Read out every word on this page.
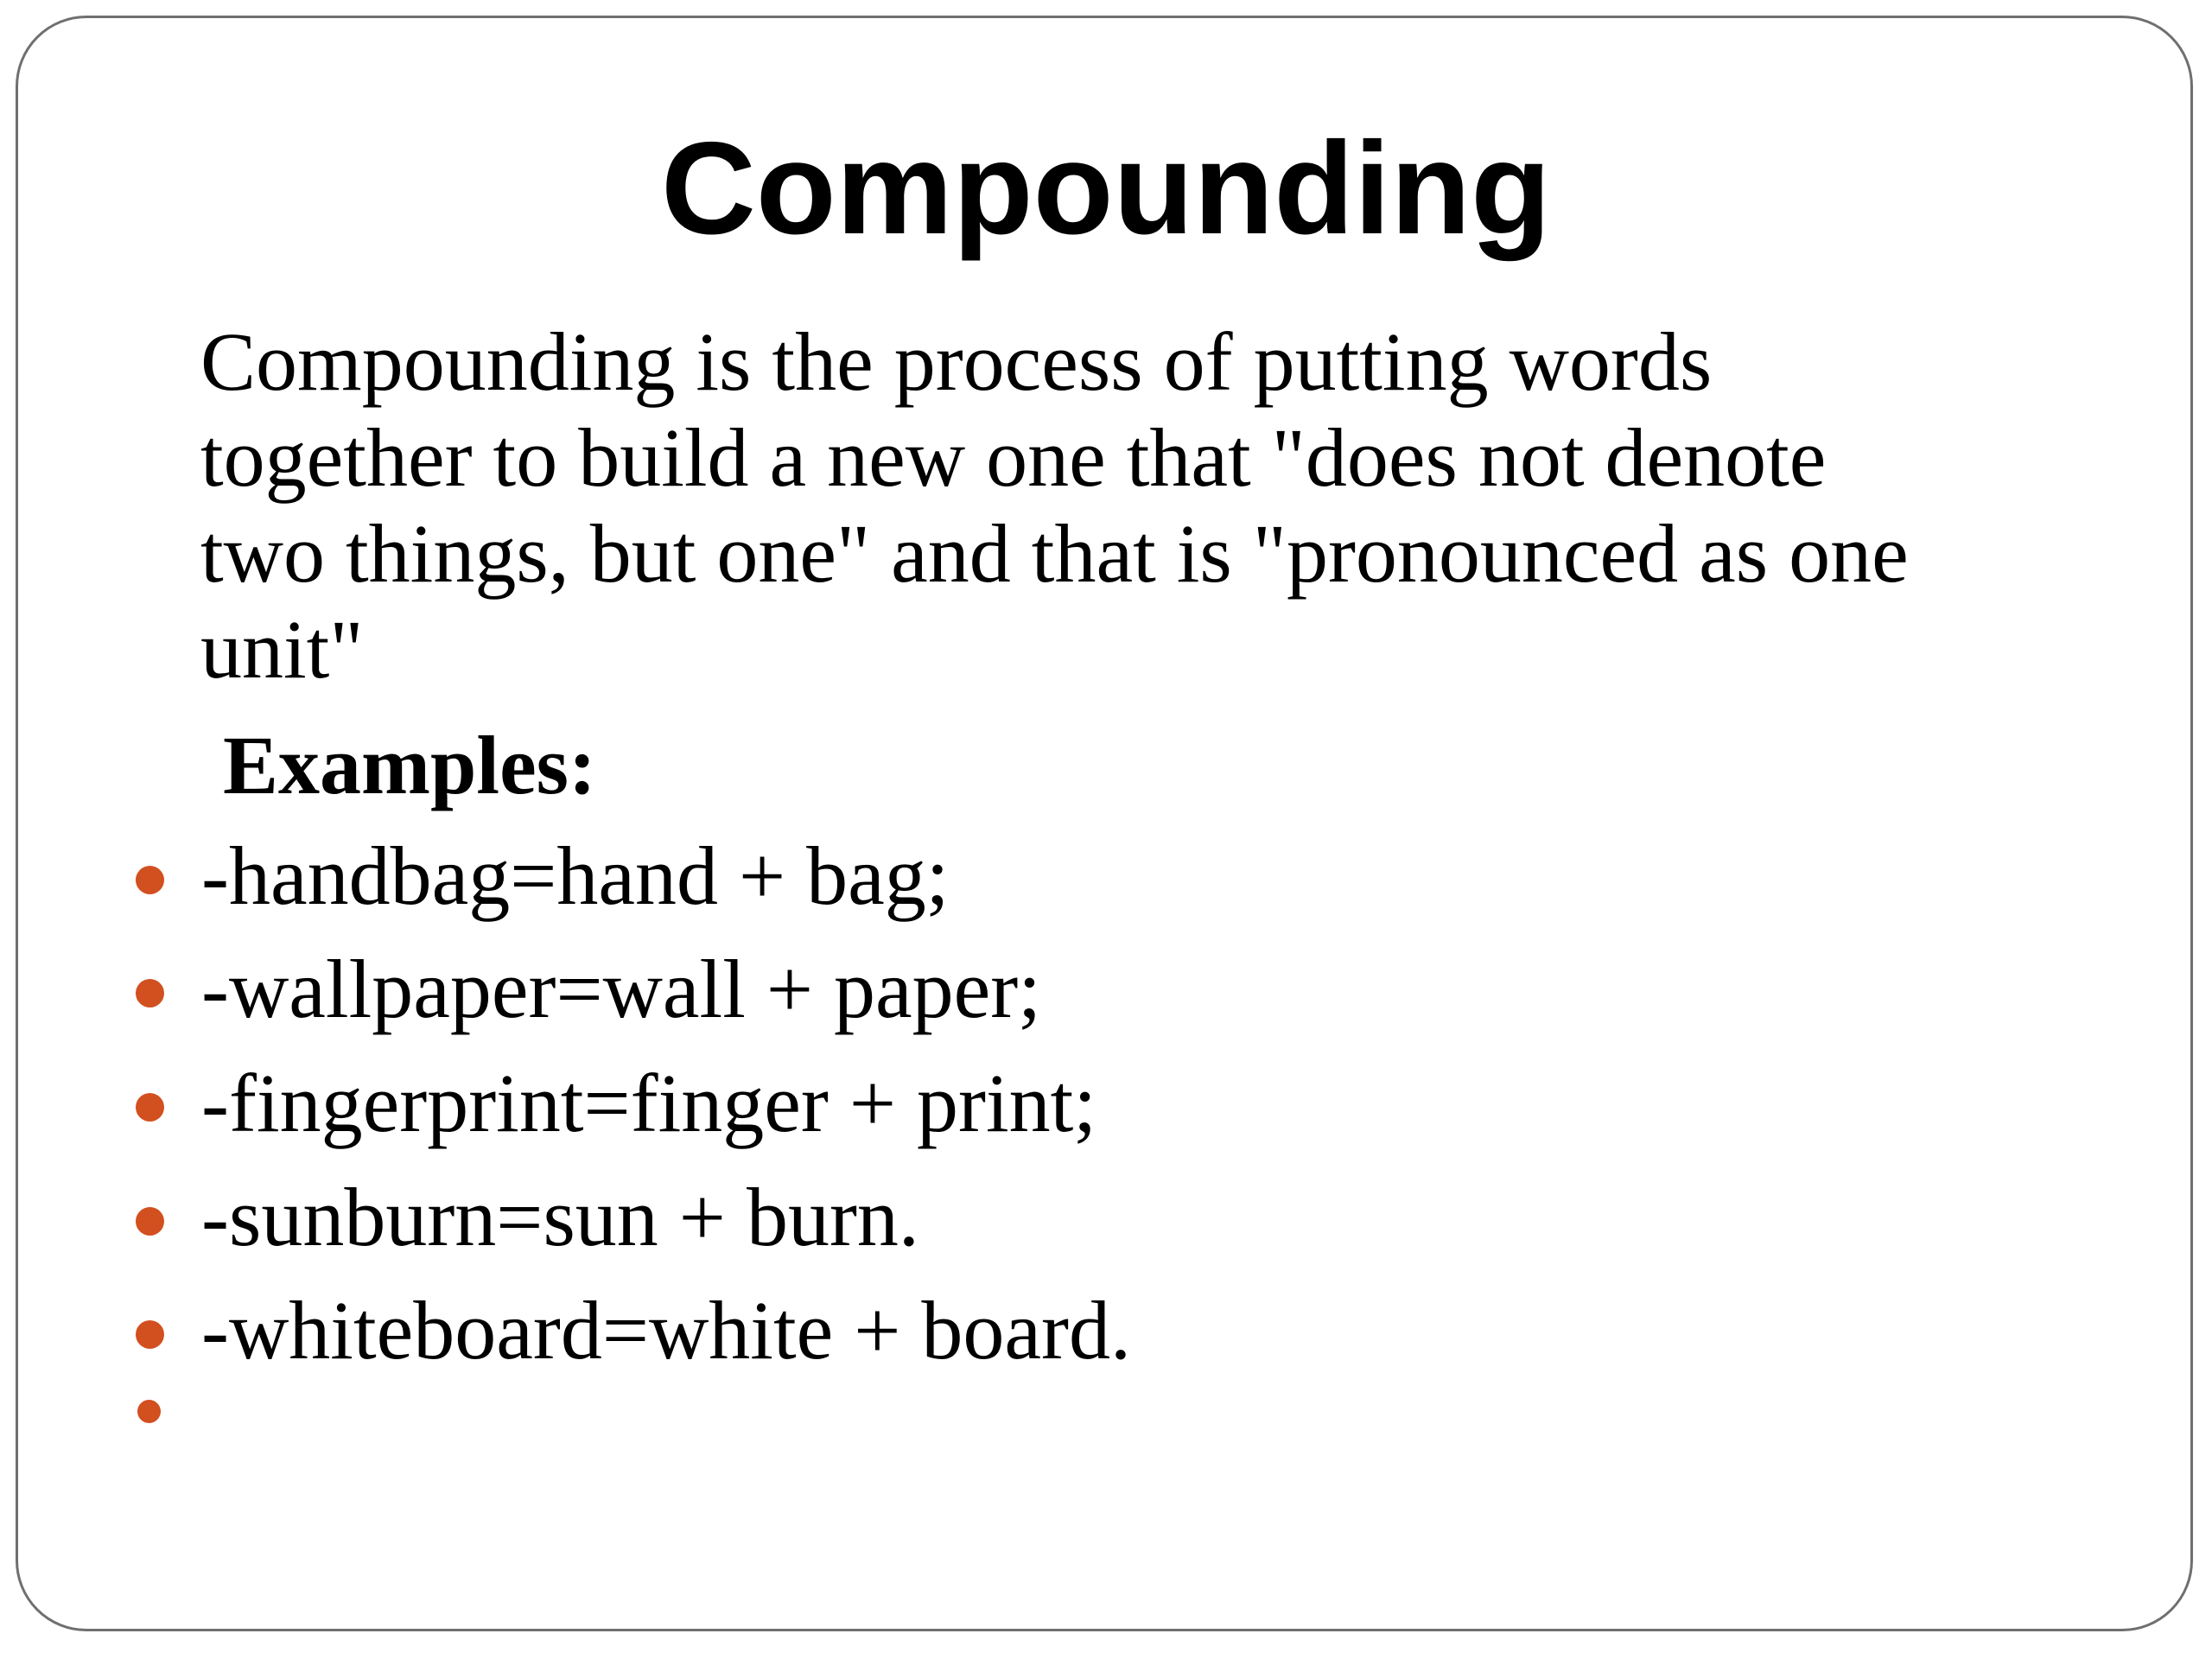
Compounding
Compounding is the process of putting words
together to build a new one that "does not denote
two things, but one" and that is "pronounced as one
unit"
Examples:
-handbag=hand + bag;
-wallpaper=wall + paper;
-fingerprint=finger + print;
-sunburn=sun + burn.
-whiteboard=white + board.
